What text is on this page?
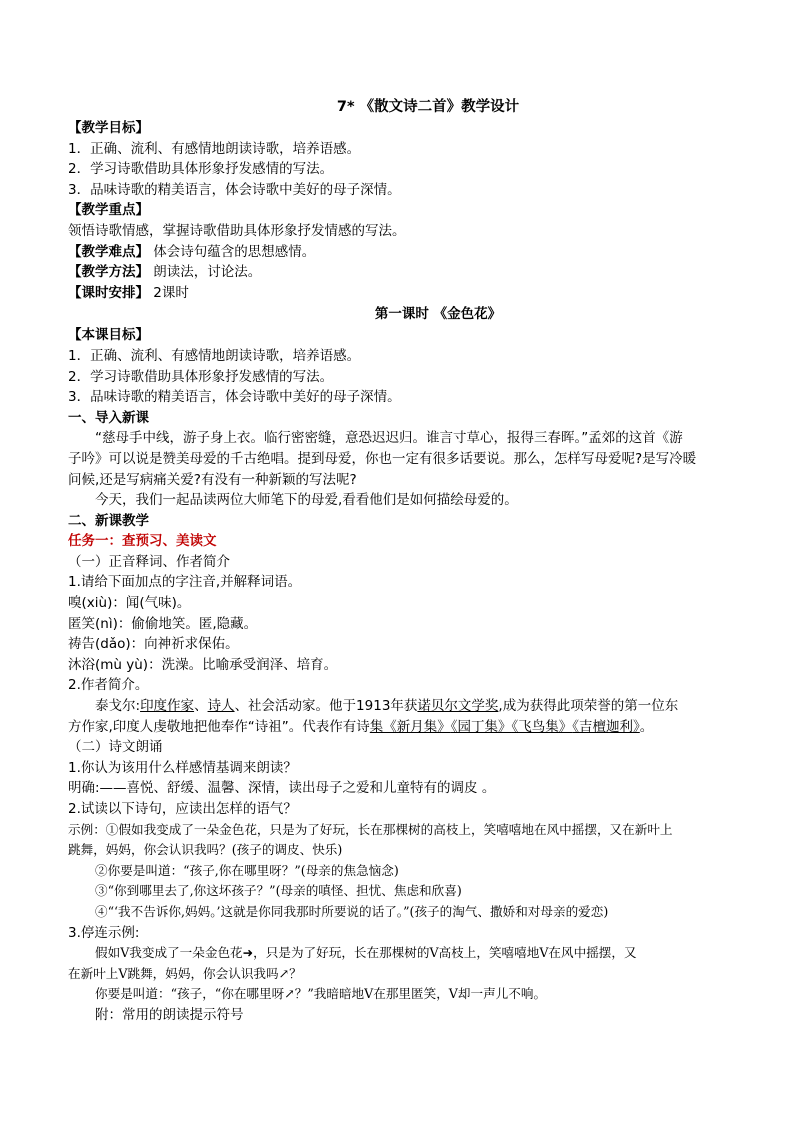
7* 《散文诗二首》教学设计
【教学目标】
1．正确、流利、有感情地朗读诗歌，培养语感。
2．学习诗歌借助具体形象抒发感情的写法。
3．品味诗歌的精美语言，体会诗歌中美好的母子深情。
【教学重点】
领悟诗歌情感，掌握诗歌借助具体形象抒发情感的写法。
【教学难点】 体会诗句蕴含的思想感情。
【教学方法】 朗读法，讨论法。
【课时安排】 2课时
第一课时 《金色花》
【本课目标】
1．正确、流利、有感情地朗读诗歌，培养语感。
2．学习诗歌借助具体形象抒发感情的写法。
3．品味诗歌的精美语言，体会诗歌中美好的母子深情。
一、导入新课
“慈母手中线，游子身上衣。临行密密缝，意恐迟迟归。谁言寸草心，报得三春晖。”孟郊的这首《游
子吟》可以说是赞美母爱的千古绝唱。提到母爱，你也一定有很多话要说。那么，怎样写母爱呢?是写冷暖
问候,还是写病痛关爱?有没有一种新颖的写法呢?
今天，我们一起品读两位大师笔下的母爱,看看他们是如何描绘母爱的。
二、新课教学
任务一：查预习、美读文
（一）正音释词、作者简介
1.请给下面加点的字注音,并解释词语。
嗅(xiù)：闻(气味)。
匿笑(nì)：偷偷地笑。匿,隐藏。
祷告(dǎo)：向神祈求保佑。
沐浴(mù yù)：洗澡。比喻承受润泽、培育。
2.作者简介。
泰戈尔:印度作家、诗人、社会活动家。他于1913年获诺贝尔文学奖,成为获得此项荣誉的第一位东
方作家,印度人虔敬地把他奉作“诗祖”。代表作有诗集《新月集》《园丁集》《飞鸟集》《吉檀迦利》。
（二）诗文朗诵
1.你认为该用什么样感情基调来朗读？
明确:——喜悦、舒缓、温馨、深情，读出母子之爱和儿童特有的调皮 。
2.试读以下诗句，应读出怎样的语气？
示例：①假如我变成了一朵金色花，只是为了好玩，长在那棵树的高枝上，笑嘻嘻地在风中摇摆，又在新叶上
跳舞，妈妈，你会认识我吗？(孩子的调皮、快乐)
②你要是叫道：“孩子,你在哪里呀？”(母亲的焦急恼念)
③“你到哪里去了,你这坏孩子？”(母亲的嗔怪、担忧、焦虑和欣喜)
④“‘我不告诉你,妈妈。’这就是你同我那时所要说的话了。”(孩子的淘气、撒娇和对母亲的爱恋)
3.停连示例:
假如Ⅴ我变成了一朵金色花➜，只是为了好玩，长在那棵树的Ⅴ高枝上，笑嘻嘻地Ⅴ在风中摇摆，又
在新叶上Ⅴ跳舞，妈妈，你会认识我吗↗？
你要是叫道：“孩子，“你在哪里呀↗？”我暗暗地Ⅴ在那里匿笑，Ⅴ却一声儿不响。
附：常用的朗读提示符号
